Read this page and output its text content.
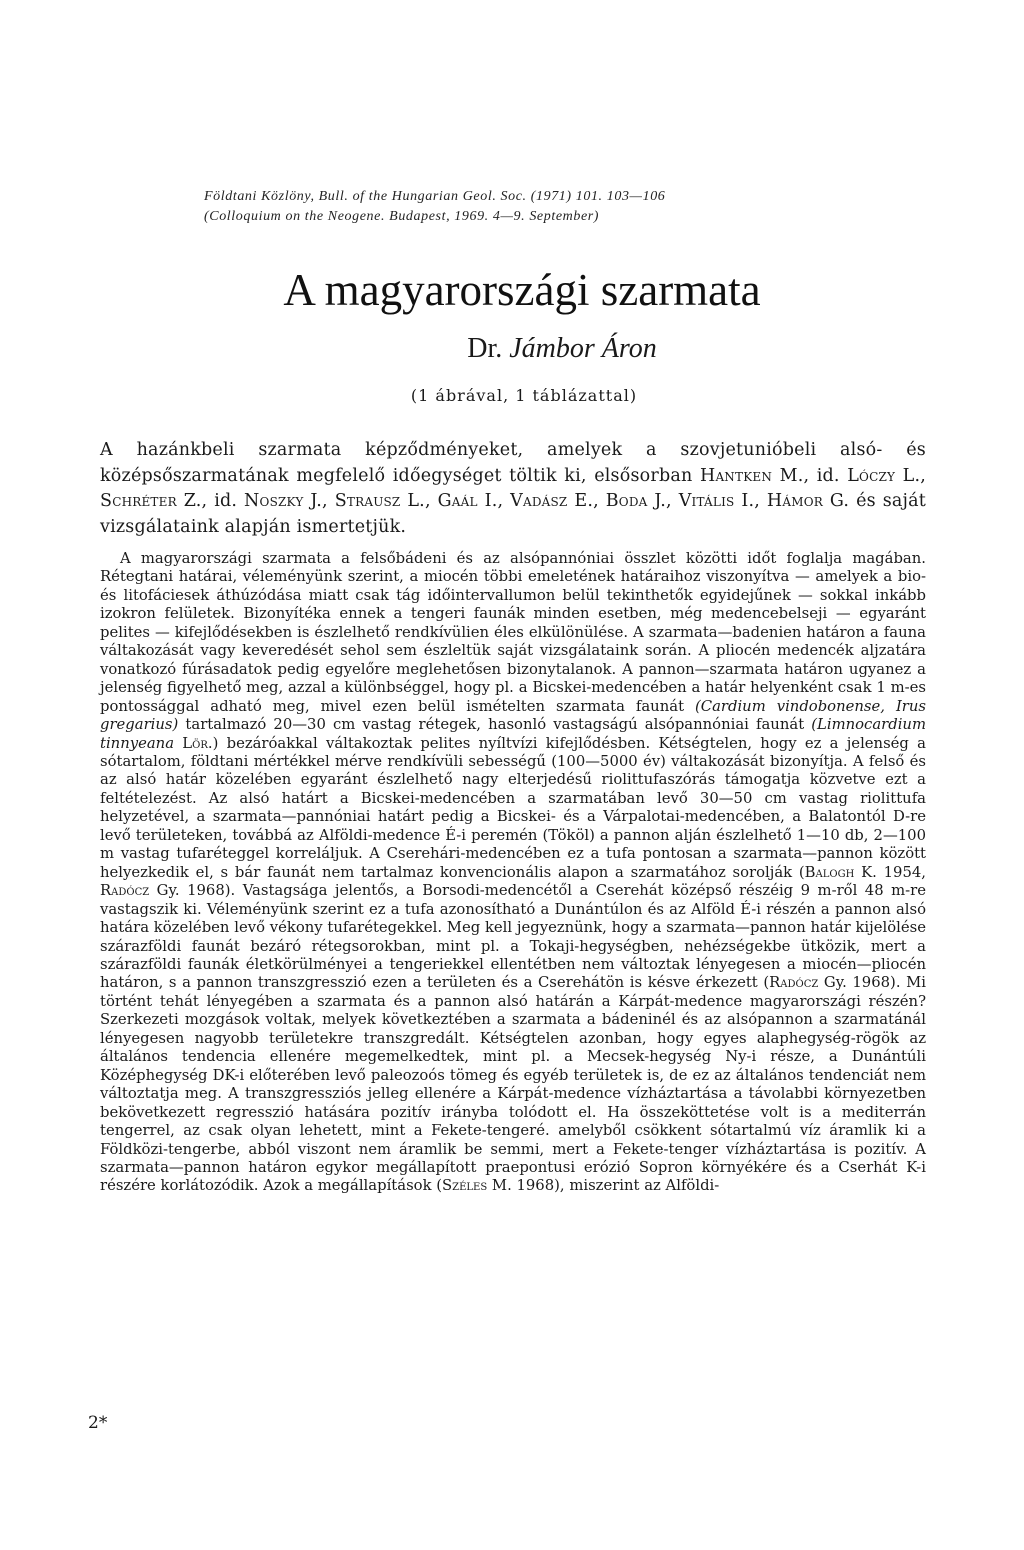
Földtani Közlöny, Bull. of the Hungarian Geol. Soc. (1971) 101. 103—106
(Colloquium on the Neogene. Budapest, 1969. 4—9. September)
A magyarországi szarmata
Dr. Jámbor Áron
(1 ábrával, 1 táblázattal)
A hazánkbeli szarmata képződményeket, amelyek a szovjetunióbeli alsó- és középsőszarmatának megfelelő időegységet töltik ki, elsősorban Hantken M., id. Lóczy L., Schréter Z., id. Noszky J., Strausz L., Gaál I., Vadász E., Boda J., Vitális I., Hámor G. és saját vizsgálataink alapján ismertetjük.

A magyarországi szarmata a felsőbádeni és az alsópannóniai összlet közötti időt foglalja magában. Rétegtani határai, véleményünk szerint, a miocén többi emeletének határaihoz viszonyítva — amelyek a bio- és litofáciesek áthúzódása miatt csak tág időintervallumon belül tekinthetők egyidejűnek — sokkal inkább izokron felületek. Bizonyítéka ennek a tengeri faunák minden esetben, még medencebelseji — egyaránt pelites — kifejlődésekben is észlelhető rendkívülien éles elkülönülése. A szarmata—badenien határon a fauna váltakozását vagy keveredését sehol sem észleltük saját vizsgálataink során. A pliocén medencék aljzatára vonatkozó fúrásadatok pedig egyelőre meglehetősen bizonytalanok. A pannon—szarmata határon ugyanez a jelenség figyelhető meg, azzal a különbséggel, hogy pl. a Bicskei-medencében a határ helyenként csak 1 m-es pontossággal adható meg, mivel ezen belül ismételten szarmata faunát (Cardium vindobonense, Irus gregarius) tartalmazó 20—30 cm vastag rétegek, hasonló vastagságú alsópannóniai faunát (Limnocardium tinnyeana Lör.) bezáróakkal váltakoztak pelites nyíltvízi kifejlődésben. Kétségtelen, hogy ez a jelenség a sótartalom, földtani mértékkel mérve rendkívüli sebességű (100—5000 év) váltakozását bizonyítja. A felső és az alsó határ közelében egyaránt észlelhető nagy elterjedésű riolittufaszórás támogatja közvetve ezt a feltételezést. Az alsó határt a Bicskei-medencében a szarmatában levő 30—50 cm vastag riolittufa helyzetével, a szarmata—pannóniai határt pedig a Bicskei- és a Várpalotai-medencében, a Balatontól D-re levő területeken, továbbá az Alföldi-medence É-i peremén (Tököl) a pannon alján észlelhető 1—10 db, 2—100 m vastag tufaréteggel korreláljuk. A Cserehári-medencében ez a tufa pontosan a szarmata—pannon között helyezkedik el, s bár faunát nem tartalmaz konvencionális alapon a szarmatához sorolják (Balogh K. 1954, Radócz Gy. 1968). Vastagsága jelentős, a Borsodi-medencétől a Cserehát középső részéig 9 m-ről 48 m-re vastagszik ki. Véleményünk szerint ez a tufa azonosítható a Dunántúlon és az Alföld É-i részén a pannon alsó határa közelében levő vékony tufarétegekkel. Meg kell jegyeznünk, hogy a szarmata—pannon határ kijelölése szárazföldi faunát bezáró rétegsorokban, mint pl. a Tokaji-hegységben, nehézségekbe ütközik, mert a szárazföldi faunák életkörülményei a tengeriekkel ellentétben nem változtak lényegesen a miocén—pliocén határon, s a pannon transzgresszió ezen a területen és a Cserehátön is késve érkezett (Radócz Gy. 1968). Mi történt tehát lényegében a szarmata és a pannon alsó határán a Kárpát-medence magyarországi részén? Szerkezeti mozgások voltak, melyek következtében a szarmata a bádeninél és az alsópannon a szarmatánál lényegesen nagyobb területekre transzgredált. Kétségtelen azonban, hogy egyes alaphegység-rögök az általános tendencia ellenére megemelkedtek, mint pl. a Mecsek-hegység Ny-i része, a Dunántúli Középhegység DK-i előterében levő paleozoós tömeg és egyéb területek is, de ez az általános tendenciát nem változtatja meg. A transzgressziós jelleg ellenére a Kárpát-medence vízháztartása a távolabbi környezetben bekövetkezett regresszió hatására pozitív irányba tolódott el. Ha összeköttetése volt is a mediterrán tengerrel, az csak olyan lehetett, mint a Fekete-tengeré. amelyből csökkent sótartalmú víz áramlik ki a Földközi-tengerbe, abból viszont nem áramlik be semmi, mert a Fekete-tenger vízháztartása is pozitív. A szarmata—pannon határon egykor megállapított praepontusi erózió Sopron környékére és a Cserhát K-i részére korlátozódik. Azok a megállapítások (Széles M. 1968), miszerint az Alföldi-

2*
